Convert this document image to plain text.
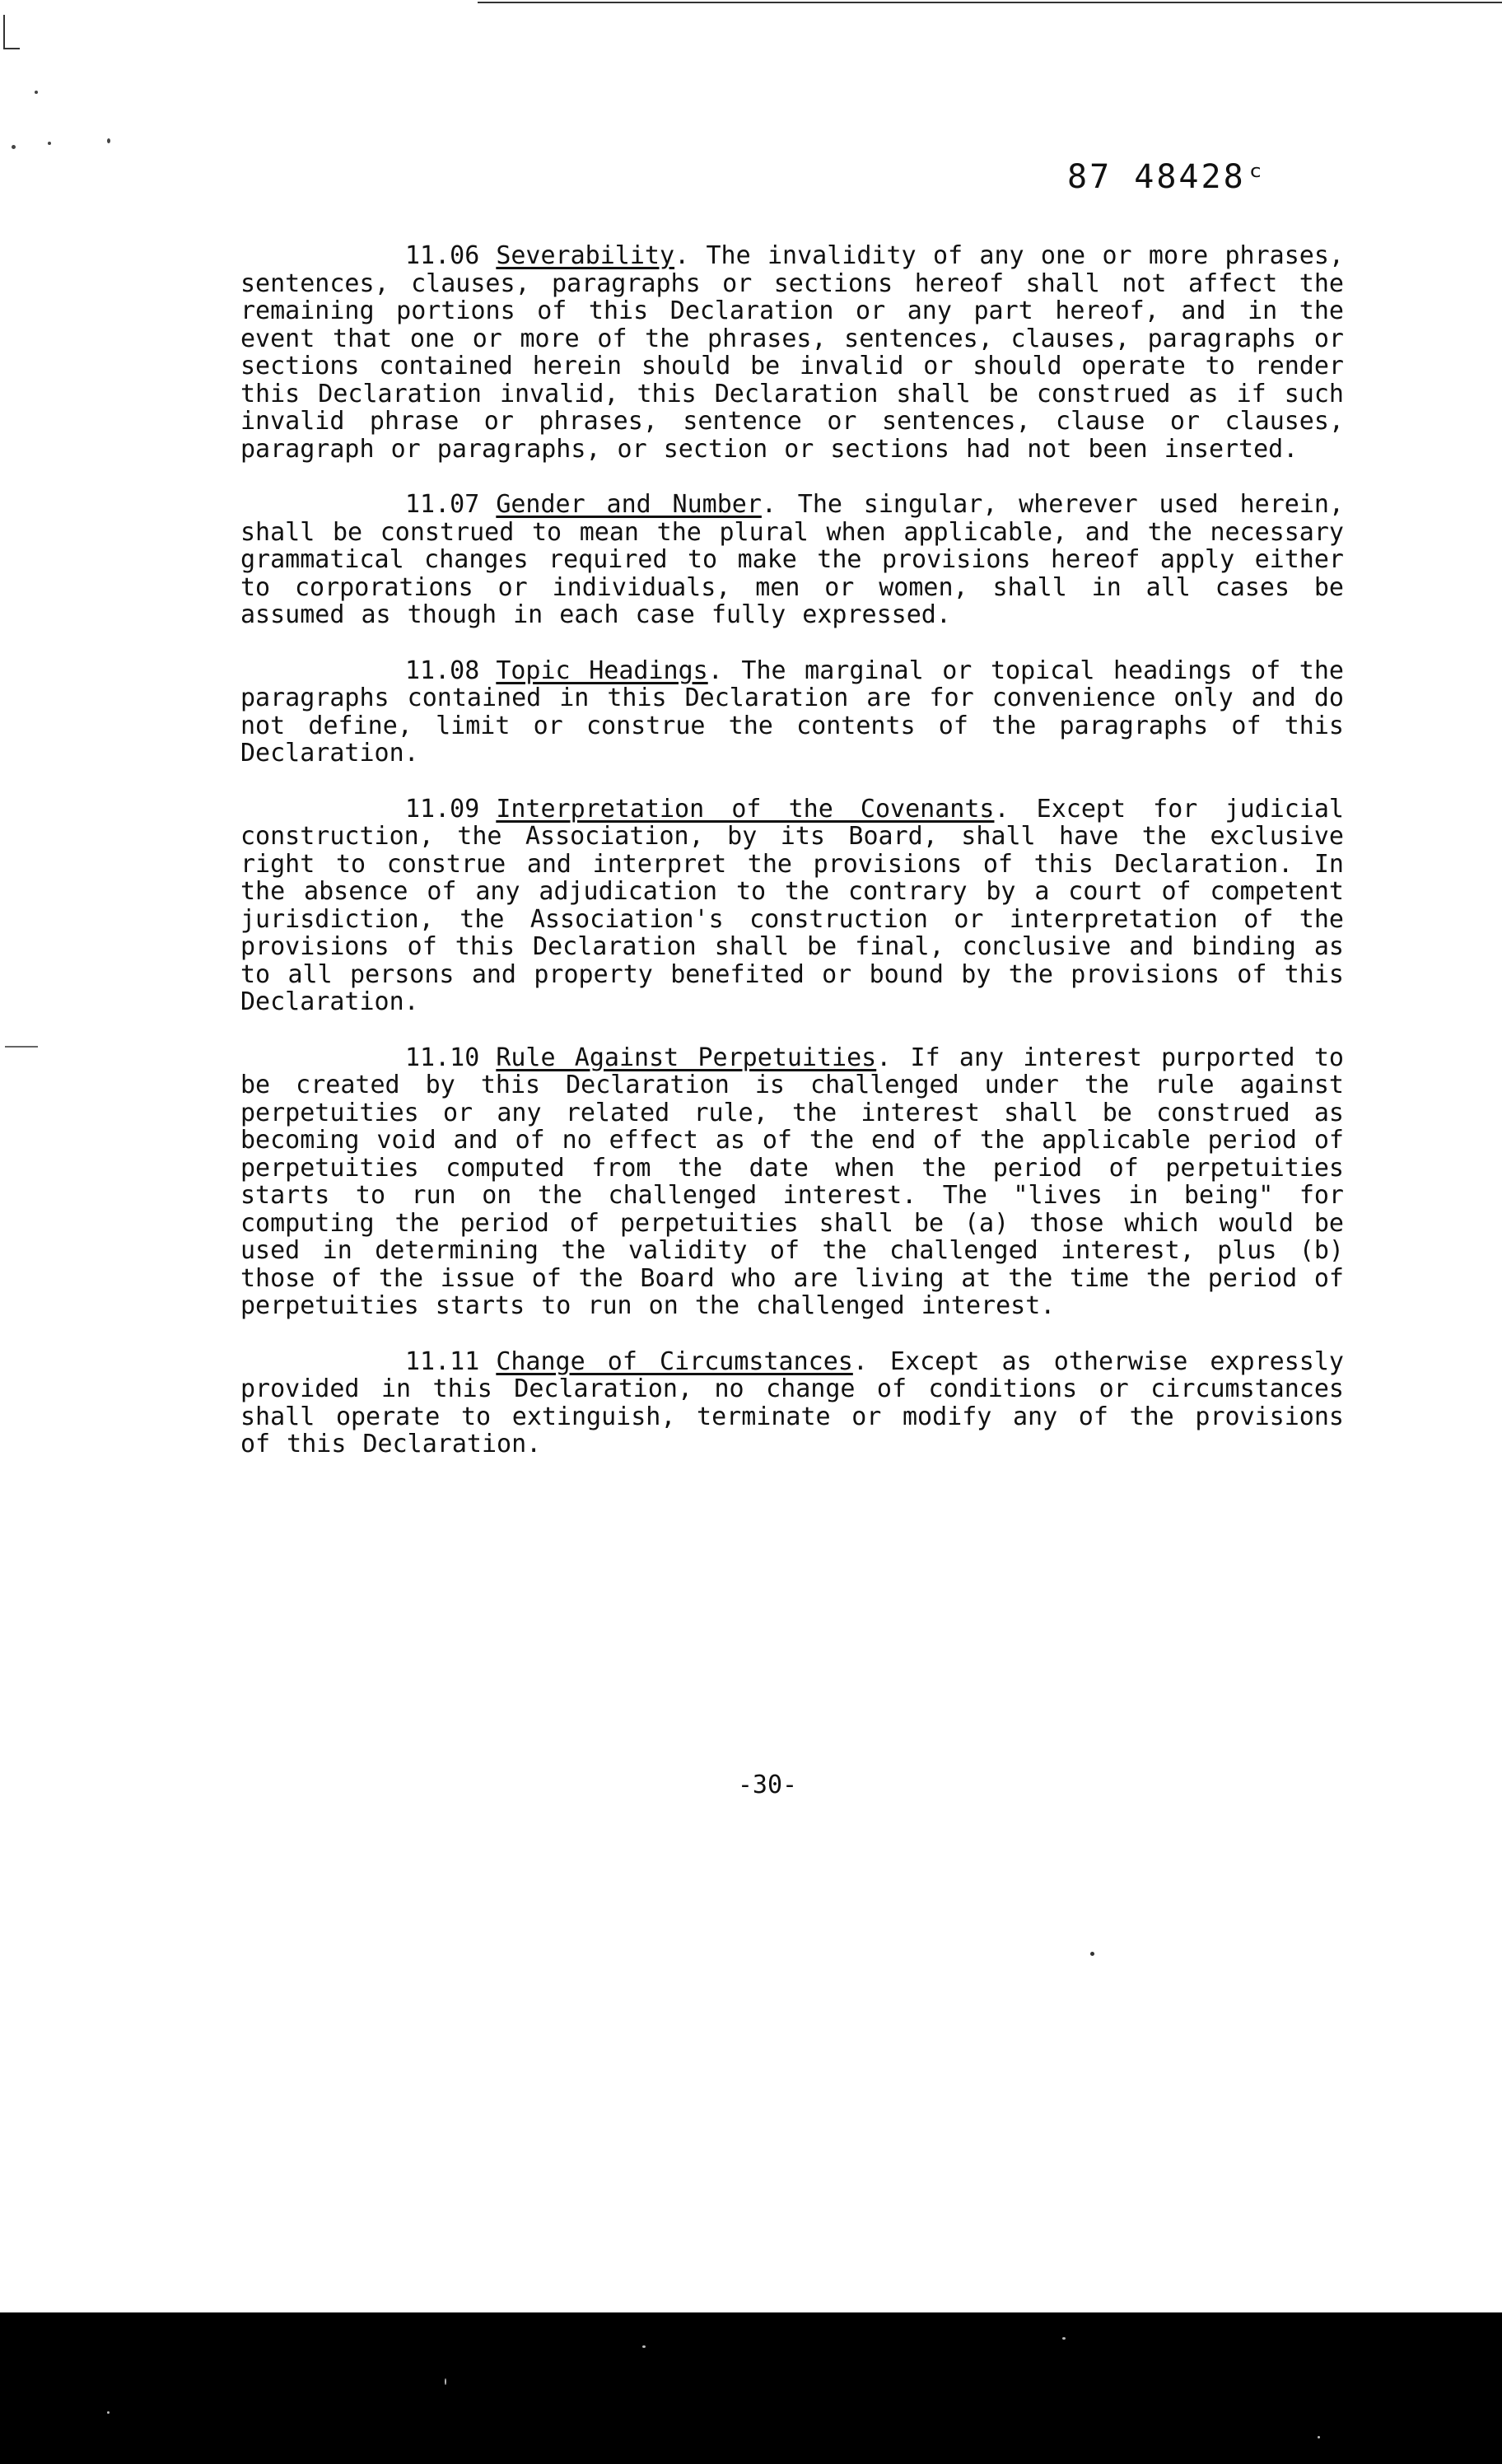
87 48428ᶜ

11.06 Severability. The invalidity of any one or more phrases, sentences, clauses, paragraphs or sections hereof shall not affect the remaining portions of this Declaration or any part hereof, and in the event that one or more of the phrases, sentences, clauses, paragraphs or sections contained herein should be invalid or should operate to render this Declaration invalid, this Declaration shall be construed as if such invalid phrase or phrases, sentence or sentences, clause or clauses, paragraph or paragraphs, or section or sections had not been inserted.

11.07 Gender and Number. The singular, wherever used herein, shall be construed to mean the plural when applicable, and the necessary grammatical changes required to make the provisions hereof apply either to corporations or individuals, men or women, shall in all cases be assumed as though in each case fully expressed.

11.08 Topic Headings. The marginal or topical headings of the paragraphs contained in this Declaration are for convenience only and do not define, limit or construe the contents of the paragraphs of this Declaration.

11.09 Interpretation of the Covenants. Except for judicial construction, the Association, by its Board, shall have the exclusive right to construe and interpret the provisions of this Declaration. In the absence of any adjudication to the contrary by a court of competent jurisdiction, the Association's construction or interpretation of the provisions of this Declaration shall be final, conclusive and binding as to all persons and property benefited or bound by the provisions of this Declaration.

11.10 Rule Against Perpetuities. If any interest purported to be created by this Declaration is challenged under the rule against perpetuities or any related rule, the interest shall be construed as becoming void and of no effect as of the end of the applicable period of perpetuities computed from the date when the period of perpetuities starts to run on the challenged interest. The "lives in being" for computing the period of perpetuities shall be (a) those which would be used in determining the validity of the challenged interest, plus (b) those of the issue of the Board who are living at the time the period of perpetuities starts to run on the challenged interest.

11.11 Change of Circumstances. Except as otherwise expressly provided in this Declaration, no change of conditions or circumstances shall operate to extinguish, terminate or modify any of the provisions of this Declaration.

-30-
